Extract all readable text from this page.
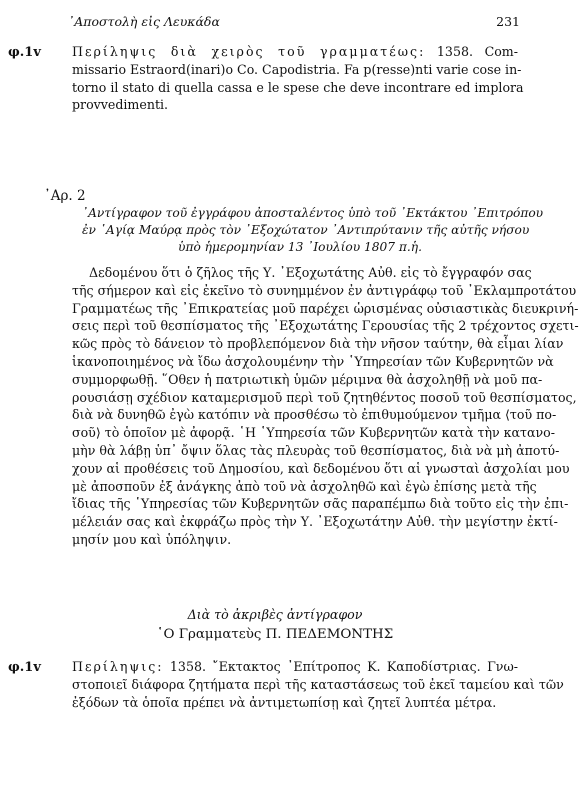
᾿Αποστολὴ εἰς Λευκάδα	231
φ.1v Περίληψις διὰ χειρὸς τοῦ γραμματέως: 1358. Com-
missario Estraord(inari)o Co. Capodistria. Fa p(resse)nti varie cose in-
torno il stato di quella cassa e le spese che deve incontrare ed implora
provvedimenti.
᾿Αρ. 2
᾿Αντίγραφον τοῦ ἐγγράφου ἀποσταλέντος ὑπὸ τοῦ ᾿Εκτάκτου ᾿Επιτρόπου
ἐν ῾Αγίᾳ Μαύρᾳ πρὸς τὸν ᾿Εξοχώτατον ᾿Αντιπρύτανιν τῆς αὐτῆς νήσου
ὑπὸ ἡμερομηνίαν 13 ᾿Ιουλίου 1807 π.ἡ.
Δεδομένου ὅτι ὁ ζῆλος τῆς Υ. ᾿Εξοχωτάτης Αὐθ. εἰς τὸ ἔγγραφόν σας
τῆς σήμερον καὶ εἰς ἐκεῖνο τὸ συνημμένον ἐν ἀντιγράφῳ τοῦ ᾿Εκλαμπροτάτου
Γραμματέως τῆς ᾿Επικρατείας μοῦ παρέχει ὡρισμένας οὐσιαστικὰς διευκρινή-
σεις περὶ τοῦ θεσπίσματος τῆς ᾿Εξοχωτάτης Γερουσίας τῆς 2 τρέχοντος σχετι-
κῶς πρὸς τὸ δάνειον τὸ προβλεπόμενον διὰ τὴν νῆσον ταύτην, θὰ εἶμαι λίαν
ἱκανοποιημένος νὰ ἴδω ἀσχολουμένην τὴν ῾Υπηρεσίαν τῶν Κυβερνητῶν νὰ
συμμορφωθῇ. ῞Οθεν ἡ πατριωτικὴ ὑμῶν μέριμνα θὰ ἀσχοληθῇ νὰ μοῦ πα-
ρουσιάσῃ σχέδιον καταμερισμοῦ περὶ τοῦ ζητηθέντος ποσοῦ τοῦ θεσπίσματος,
διὰ νὰ δυνηθῶ ἐγὼ κατόπιν νὰ προσθέσω τὸ ἐπιθυμούμενον τμῆμα ⟨τοῦ πο-
σοῦ⟩ τὸ ὁποῖον μὲ ἀφορᾷ. ῾Η ῾Υπηρεσία τῶν Κυβερνητῶν κατὰ τὴν κατανο-
μὴν θὰ λάβῃ ὑπ᾿ ὄψιν ὅλας τὰς πλευρὰς τοῦ θεσπίσματος, διὰ νὰ μὴ ἀποτύ-
χουν αἱ προθέσεις τοῦ Δημοσίου, καὶ δεδομένου ὅτι αἱ γνωσταὶ ἀσχολίαι μου
μὲ ἀποσποῦν ἐξ ἀνάγκης ἀπὸ τοῦ νὰ ἀσχοληθῶ καὶ ἐγὼ ἐπίσης μετὰ τῆς
ἴδιας τῆς ῾Υπηρεσίας τῶν Κυβερνητῶν σᾶς παραπέμπω διὰ τοῦτο εἰς τὴν ἐπι-
μέλειάν σας καὶ ἐκφράζω πρὸς τὴν Υ. ᾿Εξοχωτάτην Αὐθ. τὴν μεγίστην ἐκτί-
μησίν μου καὶ ὑπόληψιν.
Διὰ τὸ ἀκριβὲς ἀντίγραφον
῾Ο Γραμματεὺς Π. ΠΕΔΕΜΟΝΤΗΣ
φ.1v Περίληψις: 1358. ῎Εκτακτος ᾿Επίτροπος Κ. Καποδίστριας. Γνω-
στοποιεῖ διάφορα ζητήματα περὶ τῆς καταστάσεως τοῦ ἐκεῖ ταμείου καὶ τῶν
ἐξόδων τὰ ὁποῖα πρέπει νὰ ἀντιμετωπίσῃ καὶ ζητεῖ λυπτέα μέτρα.
